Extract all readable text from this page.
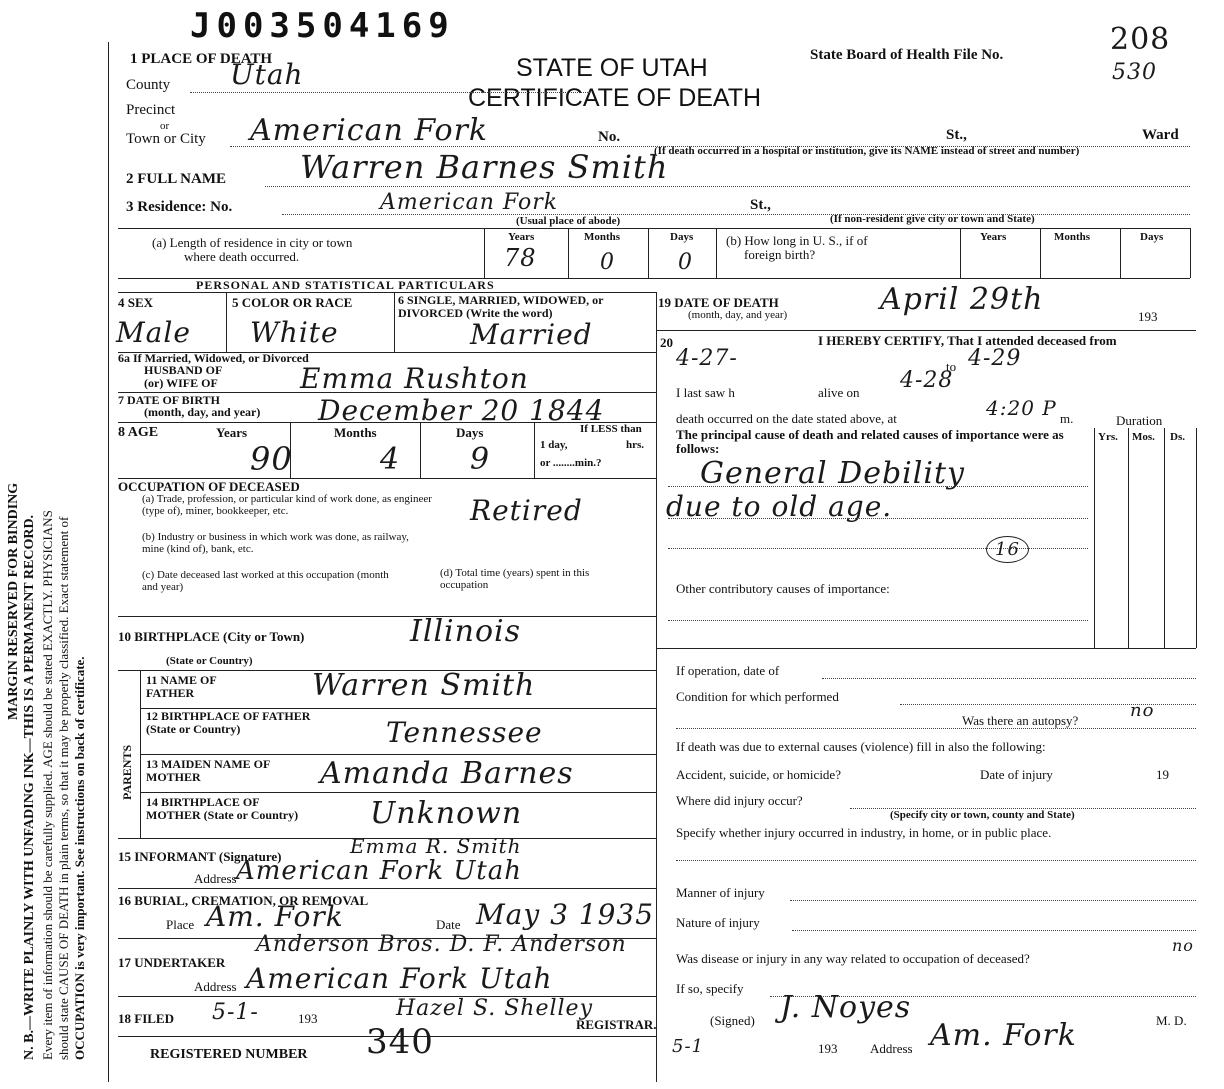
J003504169
MARGIN RESERVED FOR BINDING N. B.—WRITE PLAINLY WITH UNFADING INK—THIS IS A PERMANENT RECORD. Every item of information should be carefully supplied. AGE should be stated EXACTLY. PHYSICIANS should state CAUSE OF DEATH in plain terms, so that it may be properly classified. Exact statement of OCCUPATION is very important. See instructions on back of certificate.
STATE OF UTAH
CERTIFICATE OF DEATH
State Board of Health File No.	208
530
1 PLACE OF DEATH
County Utah
Precinct
or
Town or City American Fork	No.	St.,	Ward
(If death occurred in a hospital or institution, give its NAME instead of street and number)
2 FULL NAME Warren Barnes Smith
3 Residence: No.	American Fork	St.,
(Usual place of abode)	(If non-resident give city or town and State)
(a) Length of residence in city or town
where death occurred.
Years	Months	Days
78	0	0
(b) How long in U. S., if of
foreign birth?
Years	Months	Days
PERSONAL AND STATISTICAL PARTICULARS
4 SEX	5 COLOR OR RACE	6 SINGLE, MARRIED, WIDOWED, or DIVORCED (Write the word)
Male White	Married
6a If Married, Widowed, or Divorced
HUSBAND OF
(or) WIFE OF	Emma Rushton
7 DATE OF BIRTH
(month, day, and year) December 20 1844
8 AGE	Years	Months	Days	If LESS than
1 day,	hrs.
or ........min.?
90	4 9
OCCUPATION OF DECEASED
(a) Trade, profession, or particular kind of work done, as engineer (type of), miner, bookkeeper, etc.	Retired
(b) Industry or business in which work was done, as railway, mine (kind of), bank, etc.
(c) Date deceased last worked at this occupation (month and year)
(d) Total time (years) spent in this occupation
10 BIRTHPLACE (City or Town)	Illinois
(State or Country)
PARENTS
11 NAME OF FATHER	Warren Smith
12 BIRTHPLACE OF FATHER (State or Country)	Tennessee
13 MAIDEN NAME OF MOTHER	Amanda Barnes
14 BIRTHPLACE OF MOTHER (State or Country)	Unknown
15 INFORMANT (Signature)	Emma R. Smith
Address American Fork Utah
16 BURIAL, CREMATION, OR REMOVAL
Place Am. Fork	Date May 3 1935
17 UNDERTAKER
Anderson Bros. D. F. Anderson
Address American Fork Utah
18 FILED 5-1-	193	Hazel S. Shelley
REGISTRAR.
REGISTERED NUMBER 340
19 DATE OF DEATH
(month, day, and year)	April 29th	193
20	I HEREBY CERTIFY, That I attended deceased from
4-27-	to 4-29
I last saw h	alive on 4-28
death occurred on the date stated above, at	4:20 P m.	Duration
The principal cause of death and related causes of importance were as follows:
Yrs. Mos. Ds.
General Debility
due to old age.
16
Other contributory causes of importance:
If operation, date of
Condition for which performed
Was there an autopsy?	no
If death was due to external causes (violence) fill in also the following:
Accident, suicide, or homicide?	Date of injury	19
Where did injury occur?
(Specify city or town, county and State)
Specify whether injury occurred in industry, in home, or in public place.
Manner of injury
Nature of injury
Was disease or injury in any way related to occupation of deceased?
no
If so, specify
(Signed) J. Noyes	M. D.
5-1	193	Address Am. Fork
